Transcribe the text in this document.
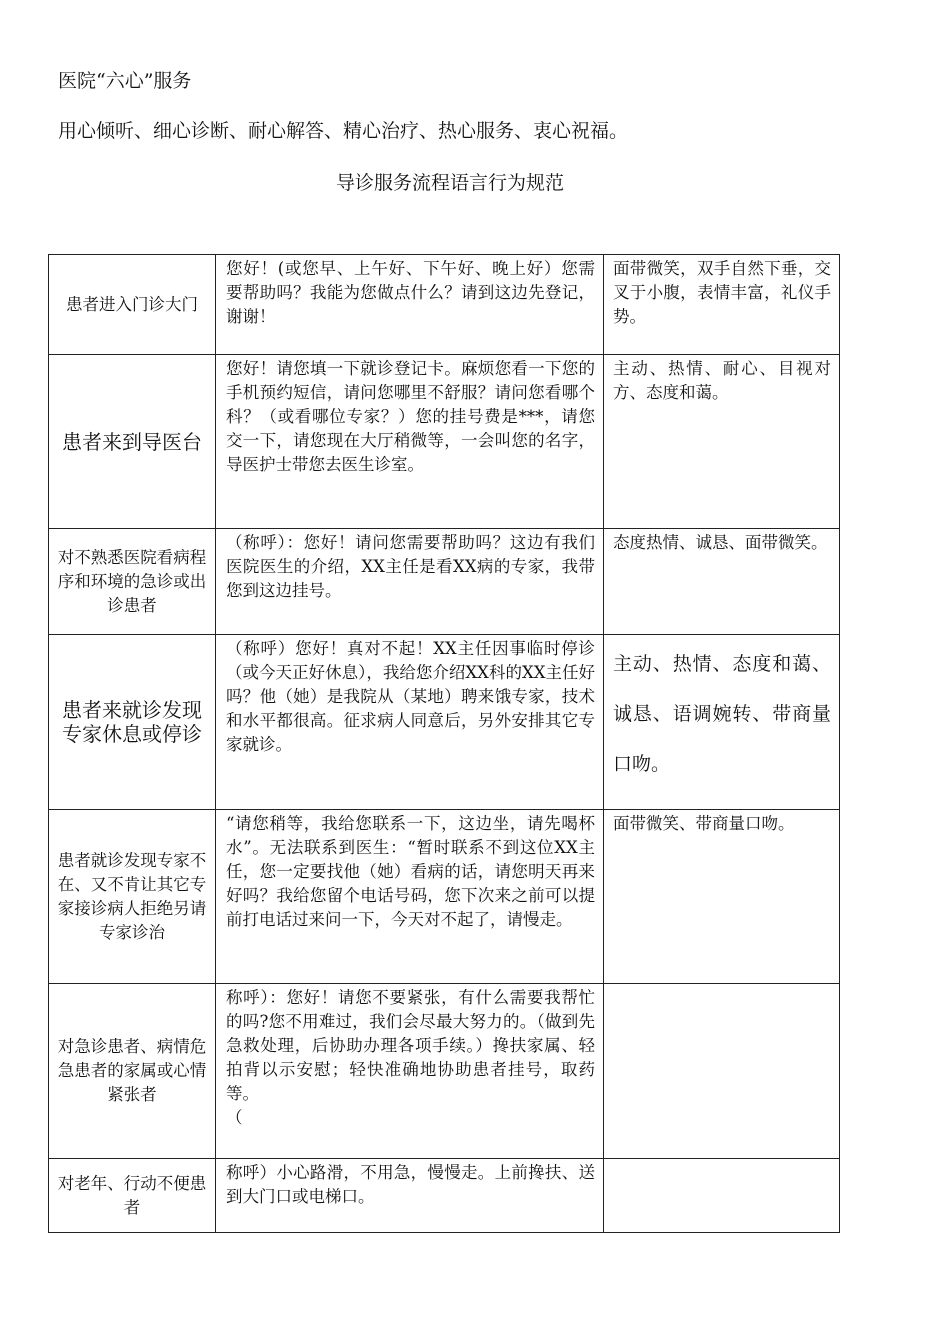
医院“六心”服务
用心倾听、细心诊断、耐心解答、精心治疗、热心服务、衷心祝福。
导诊服务流程语言行为规范
患者进入门诊大门	您好！(或您早、上午好、下午好、晚上好）您需要帮助吗？我能为您做点什么？请到这边先登记，谢谢！	面带微笑，双手自然下垂，交叉于小腹，表情丰富，礼仪手势。

患者来到导医台	您好！请您填一下就诊登记卡。麻烦您看一下您的手机预约短信，请问您哪里不舒服？请问您看哪个科？（或看哪位专家？）您的挂号费是***，请您交一下，请您现在大厅稍微等，一会叫您的名字，导医护士带您去医生诊室。	主动、热情、耐心、目视对方、态度和蔼。

对不熟悉医院看病程序和环境的急诊或出诊患者	（称呼）：您好！请问您需要帮助吗？这边有我们医院医生的介绍，XX主任是看XX病的专家，我带您到这边挂号。	态度热情、诚恳、面带微笑。

患者来就诊发现专家休息或停诊	（称呼）您好！真对不起！XX主任因事临时停诊（或今天正好休息），我给您介绍XX科的XX主任好吗？他（她）是我院从（某地）聘来饿专家，技术和水平都很高。征求病人同意后，另外安排其它专家就诊。	主动、热情、态度和蔼、诚恳、语调婉转、带商量口吻。

患者就诊发现专家不在、又不肯让其它专家接诊病人拒绝另请专家诊治	“请您稍等，我给您联系一下，这边坐，请先喝杯水”。无法联系到医生：“暂时联系不到这位XX主任，您一定要找他（她）看病的话，请您明天再来好吗？我给您留个电话号码，您下次来之前可以提前打电话过来问一下，今天对不起了，请慢走。	面带微笑、带商量口吻。

对急诊患者、病情危急患者的家属或心情紧张者	称呼）：您好！请您不要紧张，有什么需要我帮忙的吗?您不用难过，我们会尽最大努力的。（做到先急救处理，后协助办理各项手续。）搀扶家属、轻拍背以示安慰；轻快准确地协助患者挂号，取药等。
（	

对老年、行动不便患者	称呼）小心路滑，不用急，慢慢走。上前搀扶、送到大门口或电梯口。	
